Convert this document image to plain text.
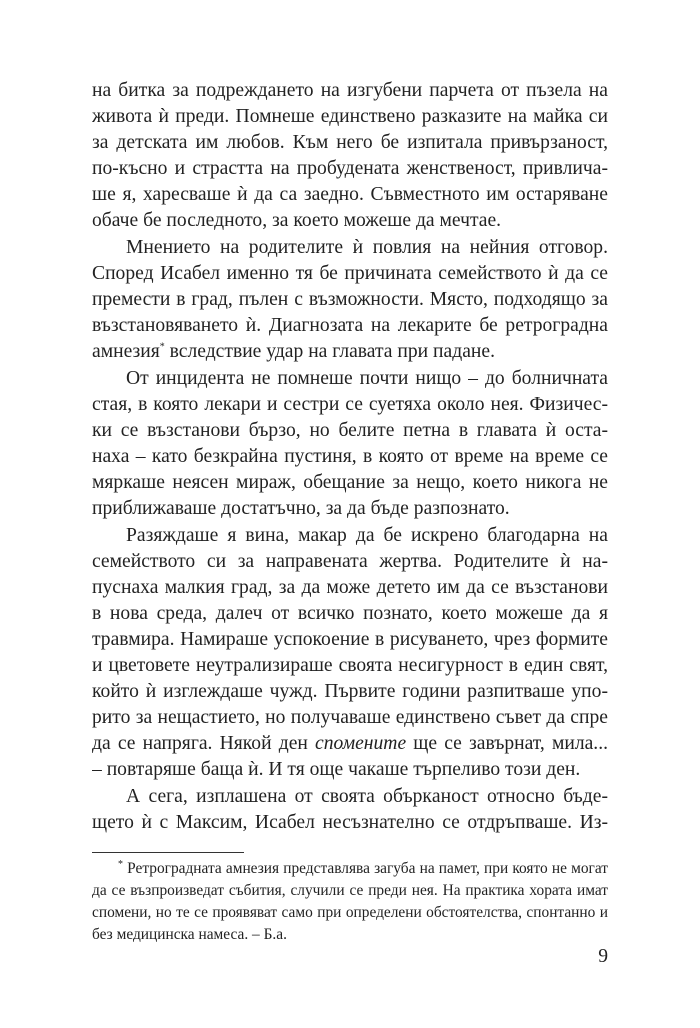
на битка за подреждането на изгубени парчета от пъзела на
живота ѝ преди. Помнеше единствено разказите на майка си
за детската им любов. Към него бе изпитала привързаност,
по-късно и страстта на пробудената женственост, привличa-
ше я, харесваше ѝ да са заедно. Съвместното им остаряване
обаче бе последното, за което можеше да мечтае.
Мнението на родителите ѝ повлия на нейния отговор.
Според Исабел именно тя бе причината семейството ѝ да се
премести в град, пълен с възможности. Място, подходящо за
възстановяването ѝ. Диагнозата на лекарите бе ретроградна
амнезия* вследствие удар на главата при падане.
От инцидента не помнеше почти нищо – до болничната
стая, в която лекари и сестри се суетяха около нея. Физичес-
ки се възстанови бързо, но белите петна в главата ѝ оста-
наха – като безкрайна пустиня, в която от време на време се
мяркаше неясен мираж, обещание за нещо, което никога не
приближаваше достатъчно, за да бъде разпознато.
Разяждаше я вина, макар да бе искрено благодарна на
семейството си за направената жертва. Родителите ѝ на-
пуснаха малкия град, за да може детето им да се възстанови
в нова среда, далеч от всичко познато, което можеше да я
травмира. Намираше успокоение в рисуването, чрез формите
и цветовете неутрализираше своята несигурност в един свят,
който ѝ изглеждаше чужд. Първите години разпитваше упо-
рито за нещастието, но получаваше единствено съвет да спре
да се напряга. Някой ден спомените ще се завърнат, мила...
– повтаряше баща ѝ. И тя още чакаше търпеливо този ден.
А сега, изплашена от своята объркaност относно бъде-
щето ѝ с Максим, Исабел несъзнателно се отдръпваше. Из-
* Ретроградната амнезия представлява загуба на памет, при която не могат
да се възпроизведат събития, случили се преди нея. На практика хората имат
спомени, но те се проявяват само при определени обстоятелства, спонтанно и
без медицинска намеса. – Б.а.
9
